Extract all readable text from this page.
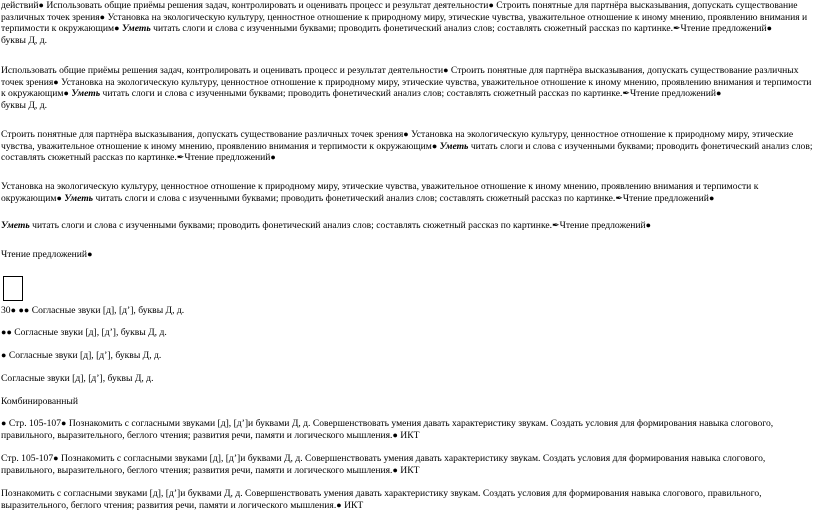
действий● Использовать общие приёмы решения задач, контролировать и оценивать процесс и результат деятельности● Строить понятные для партнёра высказывания, допускать существование различных точек зрения● Установка на экологическую культуру, ценностное отношение к природному миру, этические чувства, уважительное отношение к иному мнению, проявлению внимания и терпимости к окружающим● Уметь читать слоги и слова с изученными буквами; проводить фонетический анализ слов; составлять сюжетный рассказ по картинке.✒Чтение предложений●
буквы Д, д.

Использовать общие приёмы решения задач, контролировать и оценивать процесс и результат деятельности● Строить понятные для партнёра высказывания, допускать существование различных точек зрения● Установка на экологическую культуру, ценностное отношение к природному миру, этические чувства, уважительное отношение к иному мнению, проявлению внимания и терпимости к окружающим● Уметь читать слоги и слова с изученными буквами; проводить фонетический анализ слов; составлять сюжетный рассказ по картинке.✒Чтение предложений●
буквы Д, д.

Строить понятные для партнёра высказывания, допускать существование различных точек зрения● Установка на экологическую культуру, ценностное отношение к природному миру, этические чувства, уважительное отношение к иному мнению, проявлению внимания и терпимости к окружающим● Уметь читать слоги и слова с изученными буквами; проводить фонетический анализ слов; составлять сюжетный рассказ по картинке.✒Чтение предложений●

Установка на экологическую культуру, ценностное отношение к природному миру, этические чувства, уважительное отношение к иному мнению, проявлению внимания и терпимости к окружающим● Уметь читать слоги и слова с изученными буквами; проводить фонетический анализ слов; составлять сюжетный рассказ по картинке.✒Чтение предложений●

Уметь читать слоги и слова с изученными буквами; проводить фонетический анализ слов; составлять сюжетный рассказ по картинке.✒Чтение предложений●

Чтение предложений●

30● ●● Согласные звуки [д], [д’], буквы Д, д.

●● Согласные звуки [д], [д’], буквы Д, д.

● Согласные звуки [д], [д’], буквы Д, д.

Согласные звуки [д], [д’], буквы Д, д.

Комбинированный

● Стр. 105-107● Познакомить с согласными звуками [д], [д’]и буквами Д, д. Совершенствовать умения давать характеристику звукам. Создать условия для формирования навыка слогового, правильного, выразительного, беглого чтения; развития речи, памяти и логического мышления.● ИКТ

Стр. 105-107● Познакомить с согласными звуками [д], [д’]и буквами Д, д. Совершенствовать умения давать характеристику звукам. Создать условия для формирования навыка слогового, правильного, выразительного, беглого чтения; развития речи, памяти и логического мышления.● ИКТ

Познакомить с согласными звуками [д], [д’]и буквами Д, д. Совершенствовать умения давать характеристику звукам. Создать условия для формирования навыка слогового, правильного, выразительного, беглого чтения; развития речи, памяти и логического мышления.● ИКТ
